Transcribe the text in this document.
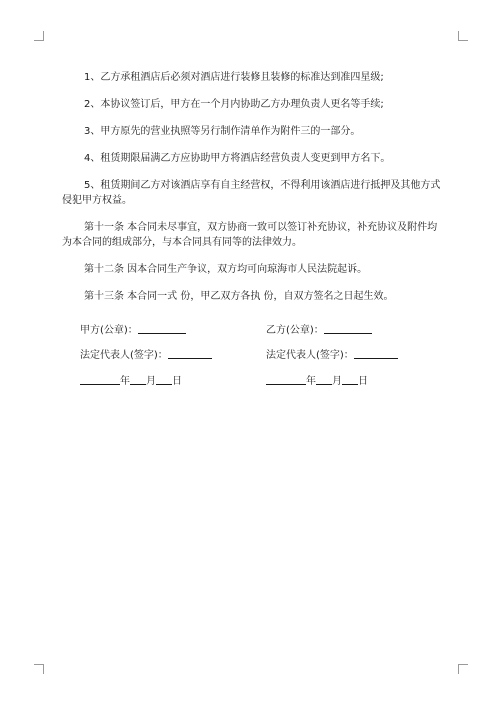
1、乙方承租酒店后必须对酒店进行装修且装修的标准达到准四星级;

2、本协议签订后，甲方在一个月内协助乙方办理负责人更名等手续;

3、甲方原先的营业执照等另行制作清单作为附件三的一部分。

4、租赁期限届满乙方应协助甲方将酒店经营负责人变更到甲方名下。

5、租赁期间乙方对该酒店享有自主经营权，不得利用该酒店进行抵押及其他方式侵犯甲方权益。

第十一条 本合同未尽事宜，双方协商一致可以签订补充协议，补充协议及附件均为本合同的组成部分，与本合同具有同等的法律效力。

第十二条 因本合同生产争议，双方均可向琼海市人民法院起诉。

第十三条 本合同一式 份，甲乙双方各执 份，自双方签名之日起生效。

甲方(公章)：	乙方(公章)：
法定代表人(签字)：	法定代表人(签字)：
年 月 日	年 月 日
